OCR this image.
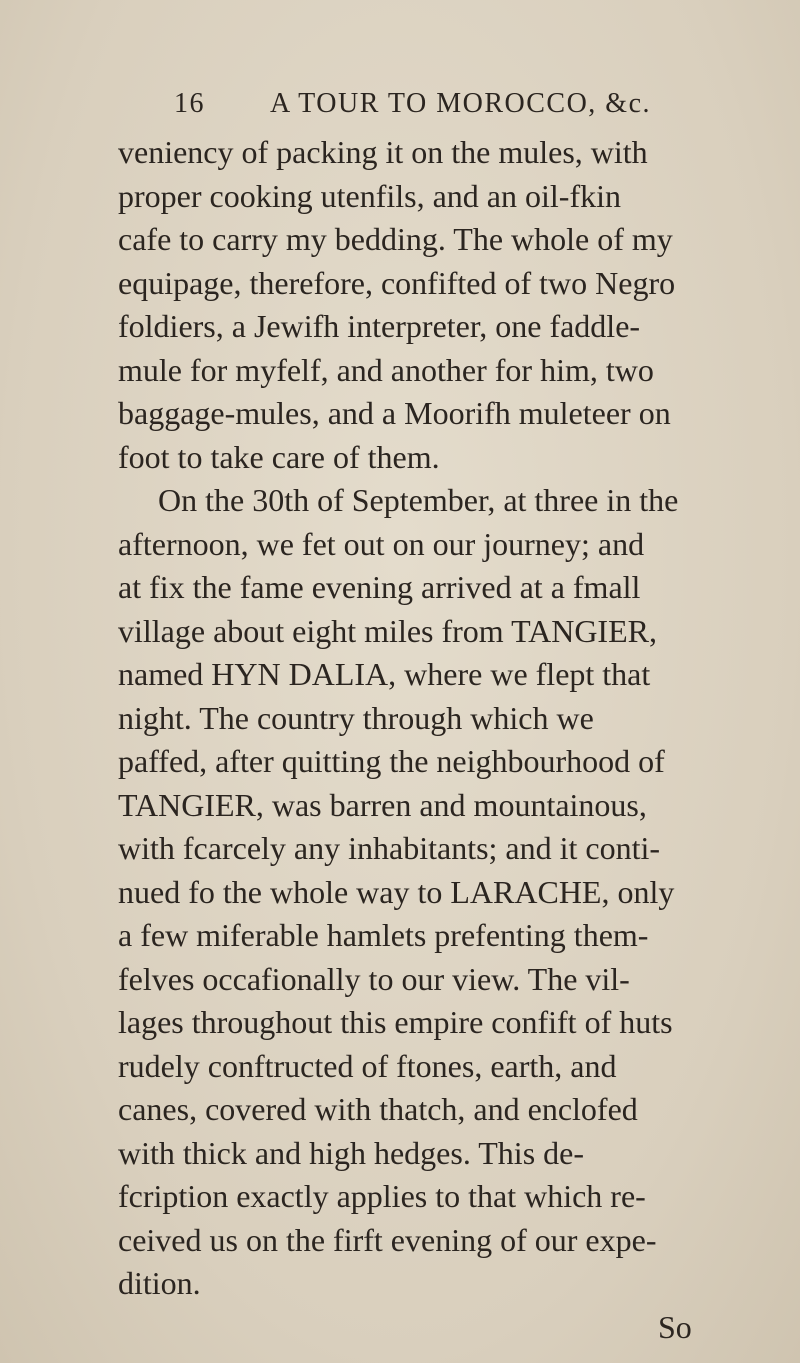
16 A TOUR TO MOROCCO, &c.
veniency of packing it on the mules, with
proper cooking utenfils, and an oil-fkin
cafe to carry my bedding. The whole of my
equipage, therefore, confifted of two Negro
foldiers, a Jewifh interpreter, one faddle-
mule for myfelf, and another for him, two
baggage-mules, and a Moorifh muleteer on
foot to take care of them.
On the 30th of September, at three in the
afternoon, we fet out on our journey; and
at fix the fame evening arrived at a fmall
village about eight miles from TANGIER,
named HYN DALIA, where we flept that
night. The country through which we
paffed, after quitting the neighbourhood of
TANGIER, was barren and mountainous,
with fcarcely any inhabitants; and it conti-
nued fo the whole way to LARACHE, only
a few miferable hamlets prefenting them-
felves occafionally to our view. The vil-
lages throughout this empire confift of huts
rudely conftructed of ftones, earth, and
canes, covered with thatch, and enclofed
with thick and high hedges. This de-
fcription exactly applies to that which re-
ceived us on the firft evening of our expe-
dition.
So
